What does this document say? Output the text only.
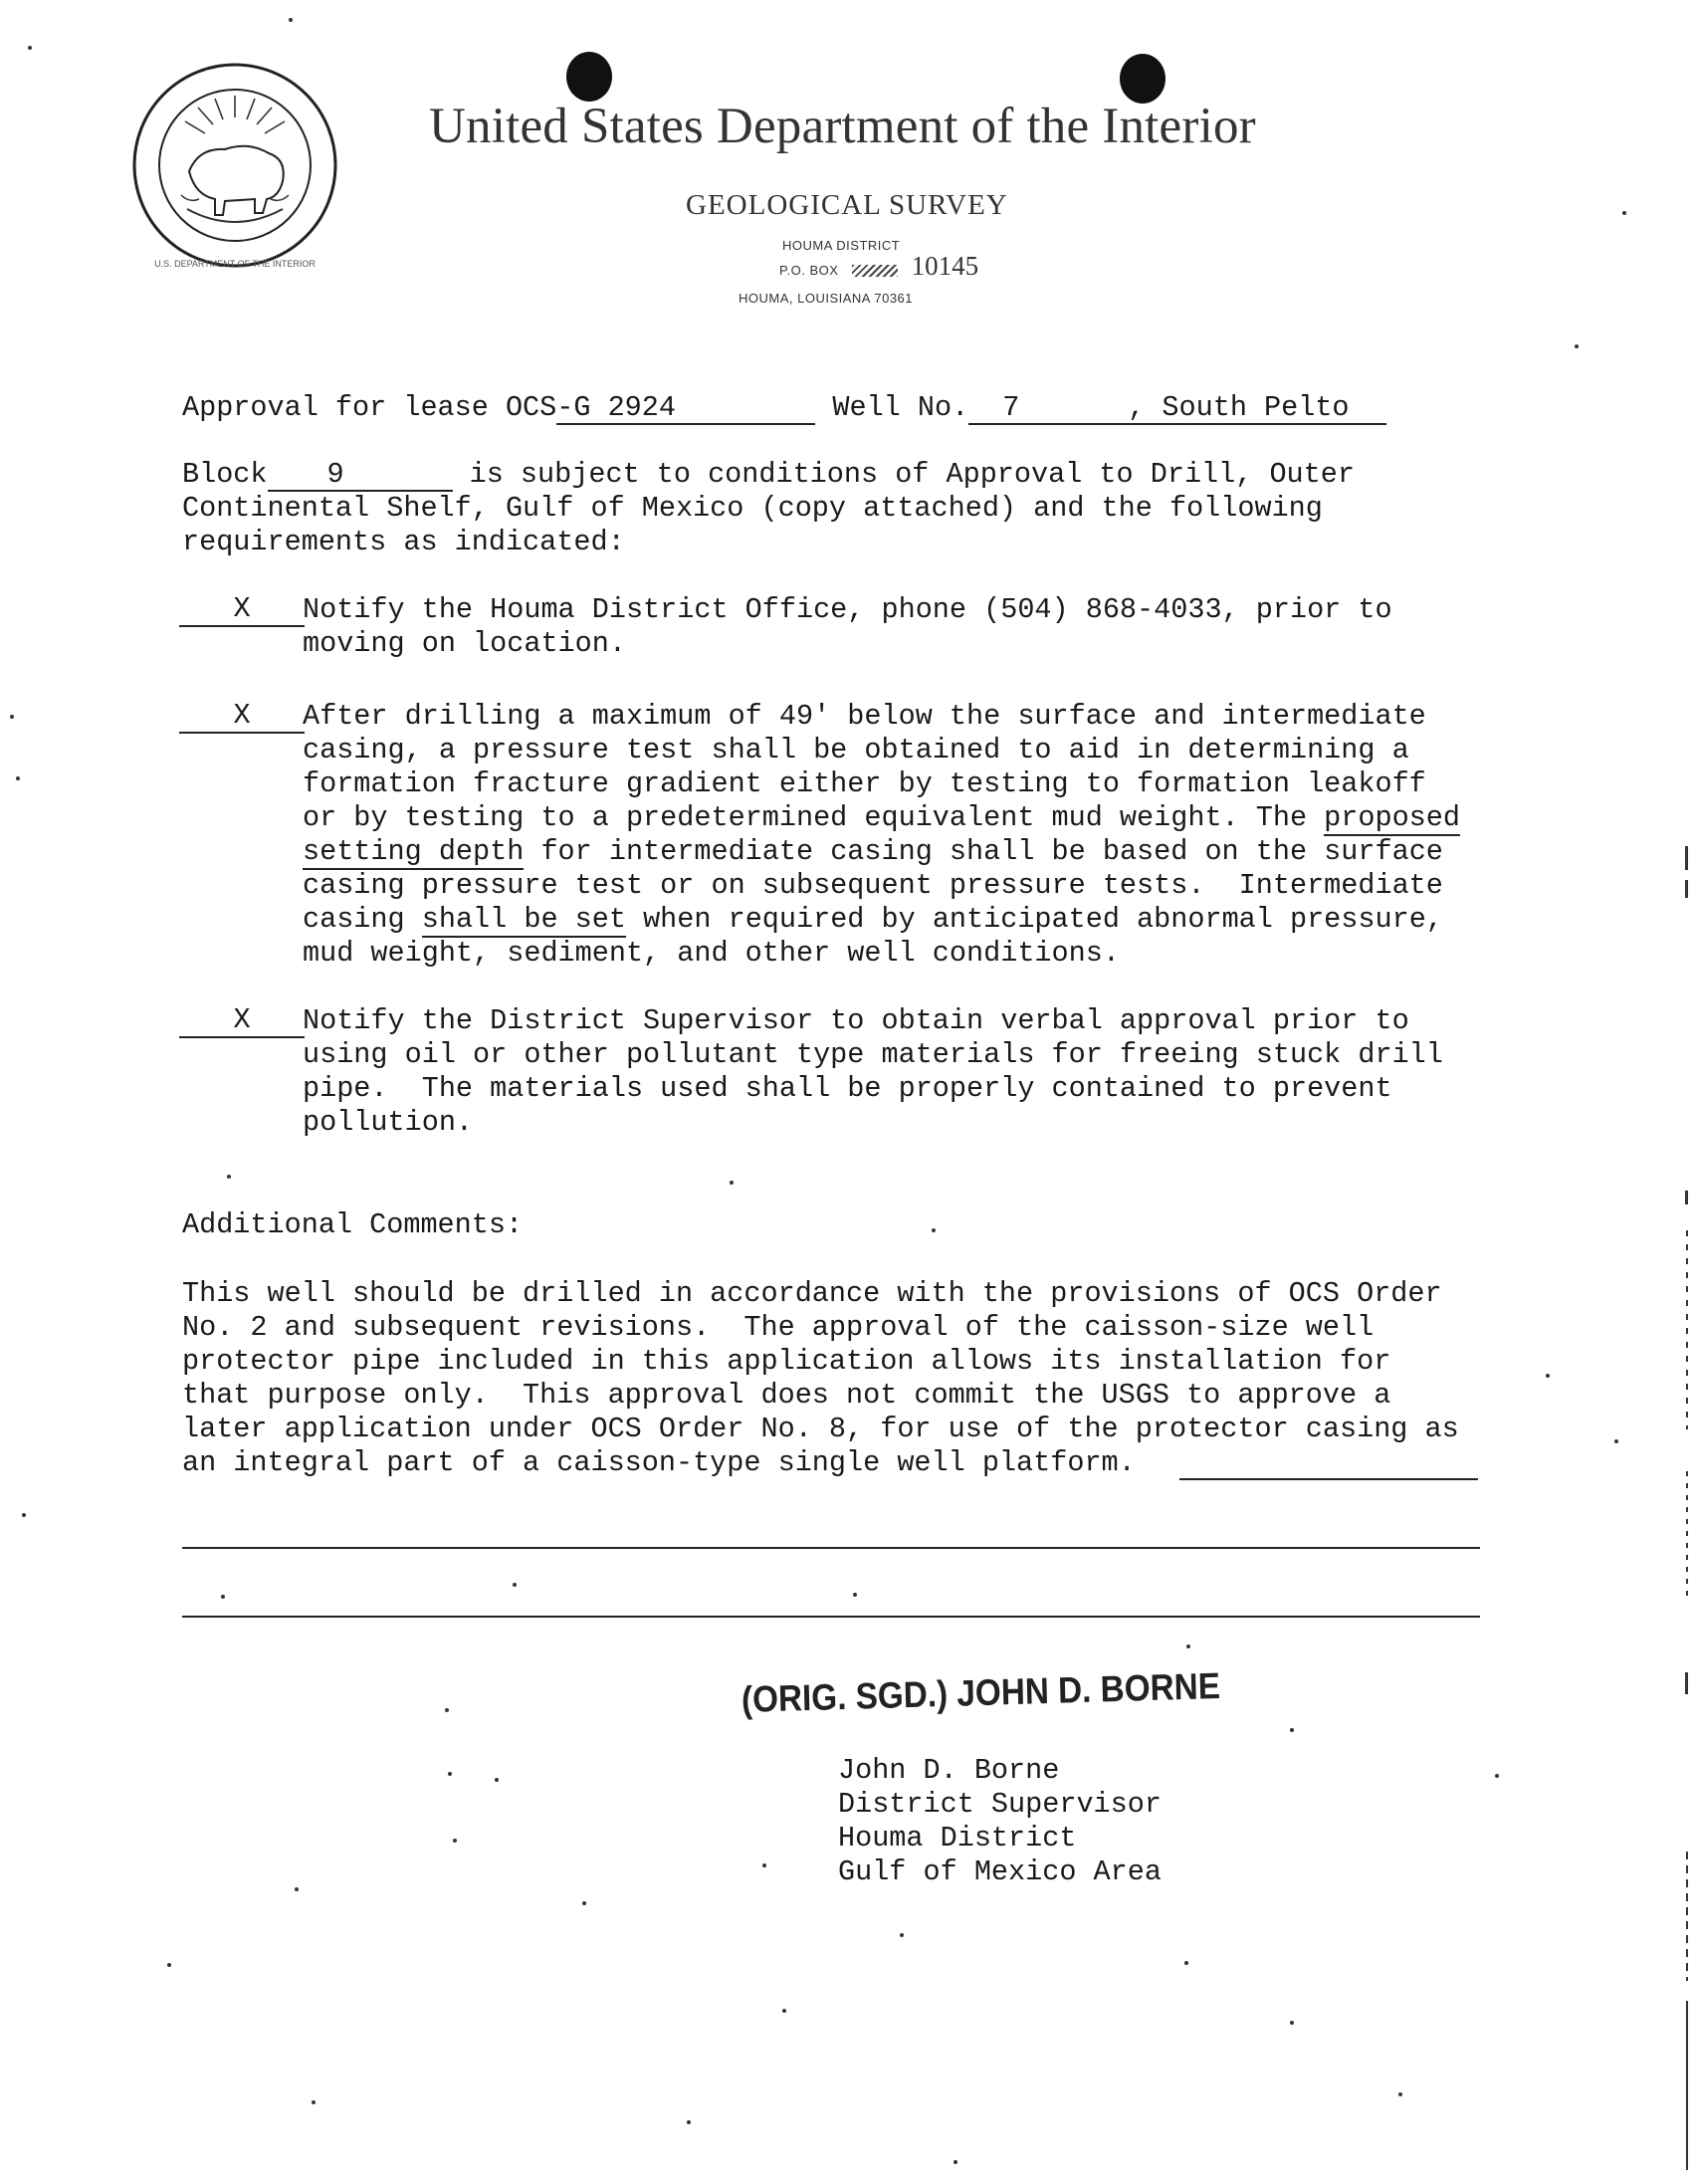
U.S. DEPARTMENT OF THE INTERIOR
United States Department of the Interior
GEOLOGICAL SURVEY
HOUMA DISTRICT
P.O. BOX	10145
HOUMA, LOUISIANA 70361
Approval for lease OCS-G 2924	Well No. 7	, South Pelto
Block 9	is subject to conditions of Approval to Drill, Outer
Continental Shelf, Gulf of Mexico (copy attached) and the following
requirements as indicated:
X	Notify the Houma District Office, phone (504) 868-4033, prior to
moving on location.
X	After drilling a maximum of 49' below the surface and intermediate
casing, a pressure test shall be obtained to aid in determining a
formation fracture gradient either by testing to formation leakoff
or by testing to a predetermined equivalent mud weight. The proposed
setting depth for intermediate casing shall be based on the surface
casing pressure test or on subsequent pressure tests.  Intermediate
casing shall be set when required by anticipated abnormal pressure,
mud weight, sediment, and other well conditions.
X	Notify the District Supervisor to obtain verbal approval prior to
using oil or other pollutant type materials for freeing stuck drill
pipe.  The materials used shall be properly contained to prevent
pollution.
Additional Comments:
This well should be drilled in accordance with the provisions of OCS Order
No. 2 and subsequent revisions.  The approval of the caisson-size well
protector pipe included in this application allows its installation for
that purpose only.  This approval does not commit the USGS to approve a
later application under OCS Order No. 8, for use of the protector casing as
an integral part of a caisson-type single well platform.
(ORIG. SGD.) JOHN D. BORNE
John D. Borne
District Supervisor
Houma District
Gulf of Mexico Area
